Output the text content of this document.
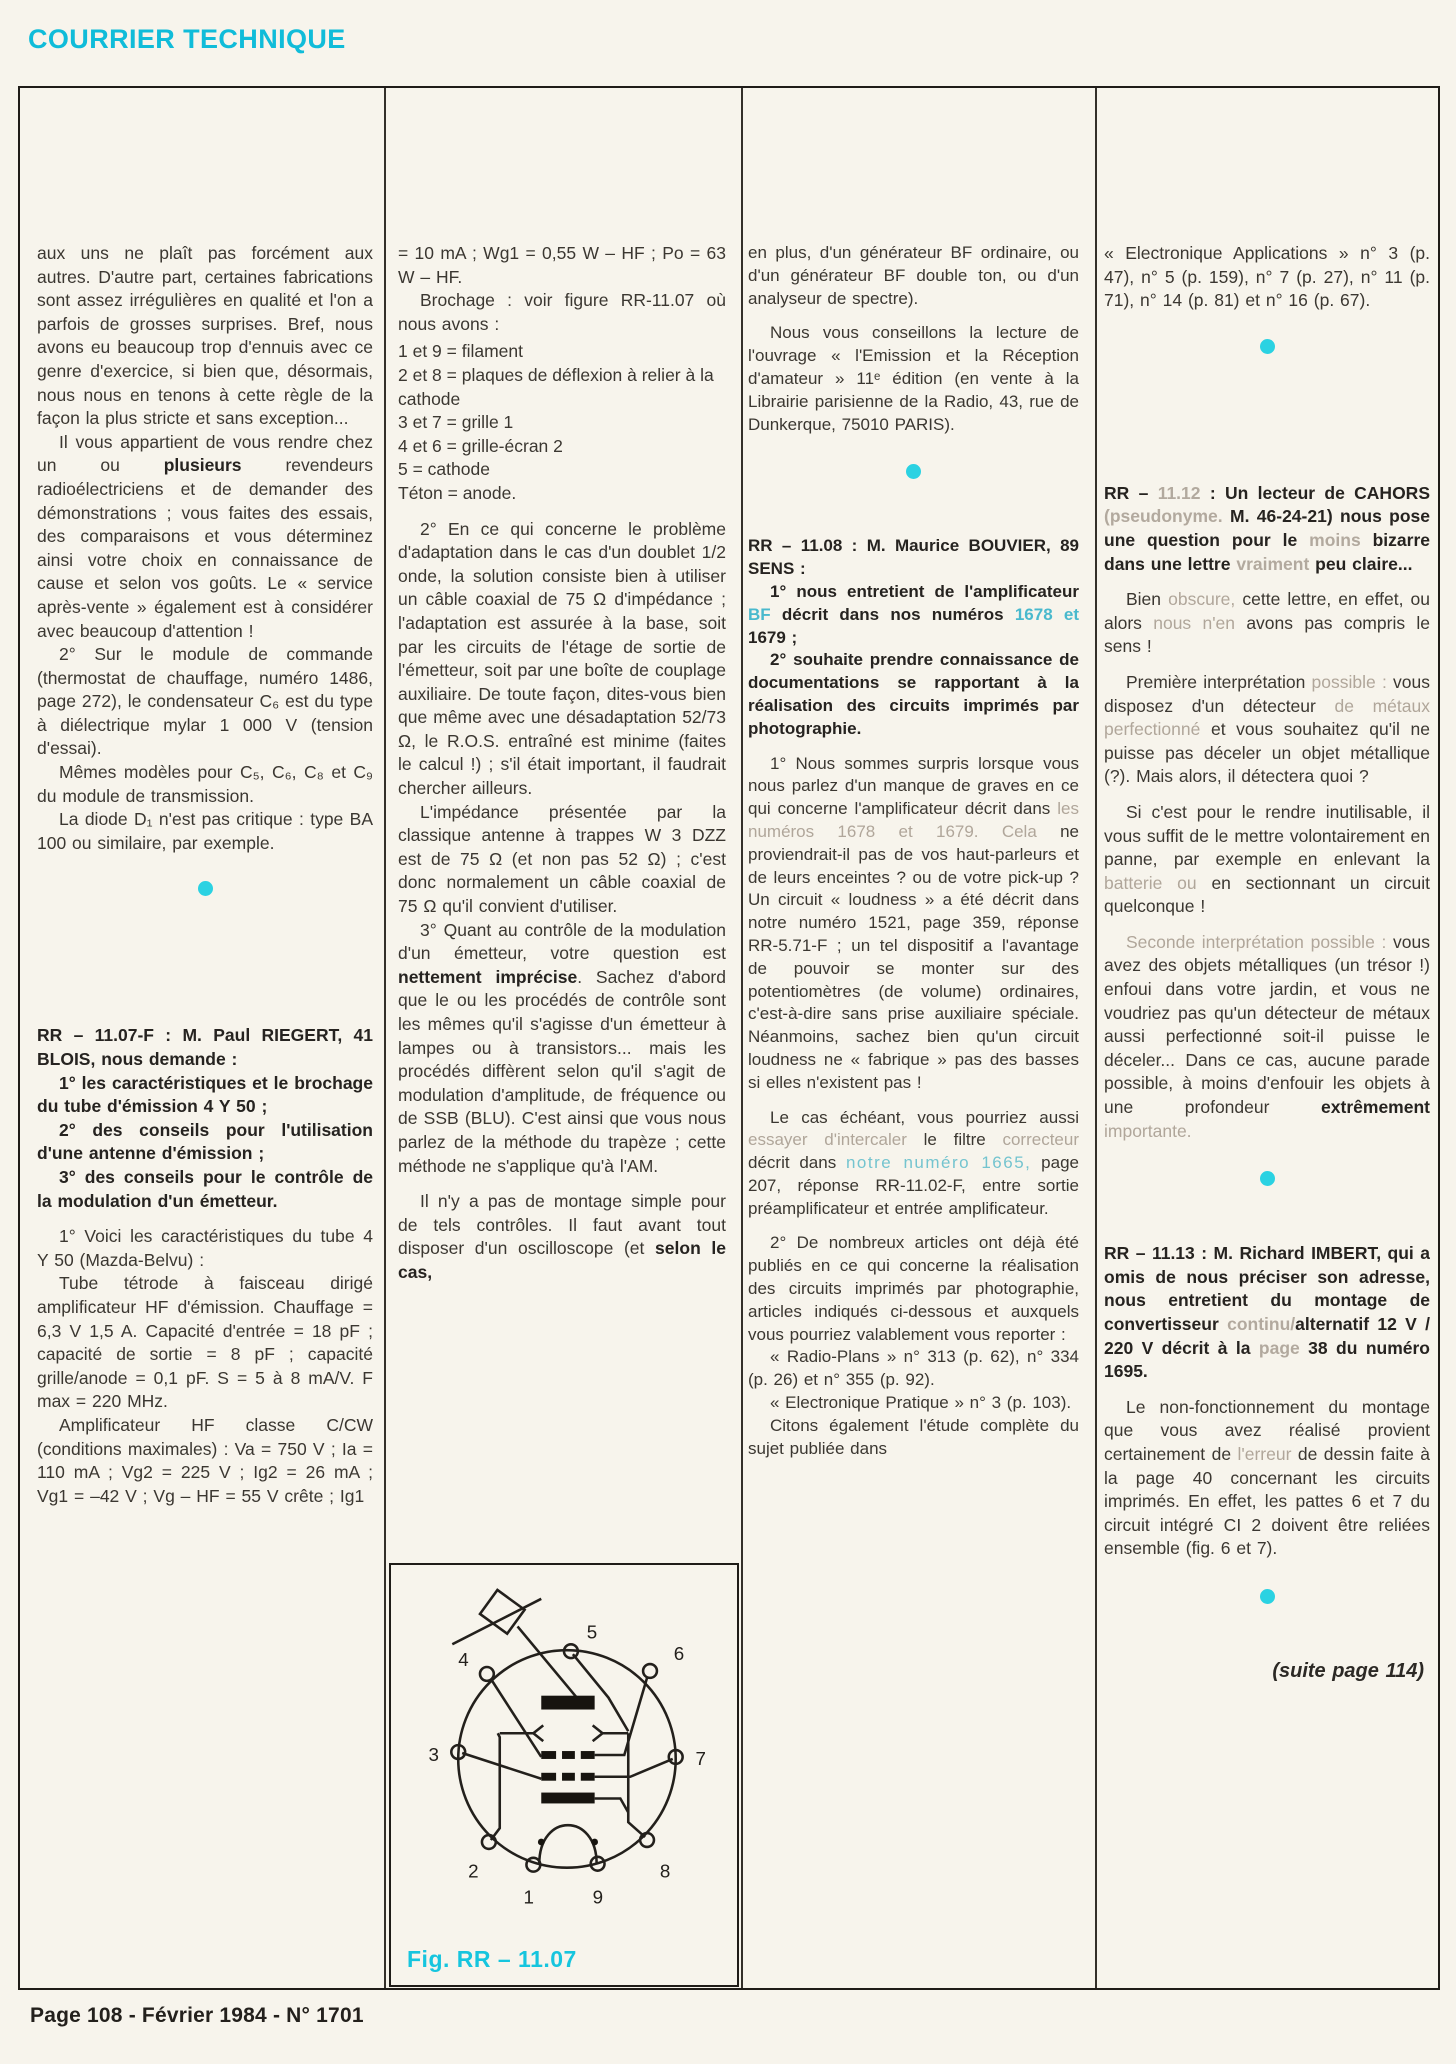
COURRIER TECHNIQUE

aux uns ne plaît pas forcément aux autres. D'autre part, certaines fabrications sont assez irrégulières en qualité et l'on a parfois de grosses surprises. Bref, nous avons eu beaucoup trop d'ennuis avec ce genre d'exercice, si bien que, désormais, nous nous en tenons à cette règle de la façon la plus stricte et sans exception...

Il vous appartient de vous rendre chez un ou plusieurs revendeurs radioélectriciens et de demander des démonstrations ; vous faites des essais, des comparaisons et vous déterminez ainsi votre choix en connaissance de cause et selon vos goûts. Le « service après-vente » également est à considérer avec beaucoup d'attention !

2° Sur le module de commande (thermostat de chauffage, numéro 1486, page 272), le condensateur C₆ est du type à diélectrique mylar 1 000 V (tension d'essai).

Mêmes modèles pour C₅, C₆, C₈ et C₉ du module de transmission.

La diode D₁ n'est pas critique : type BA 100 ou similaire, par exemple.

RR – 11.07-F : M. Paul RIEGERT, 41 BLOIS, nous demande :

1° les caractéristiques et le brochage du tube d'émission 4 Y 50 ;

2° des conseils pour l'utilisation d'une antenne d'émission ;

3° des conseils pour le contrôle de la modulation d'un émetteur.

1° Voici les caractéristiques du tube 4 Y 50 (Mazda-Belvu) :

Tube tétrode à faisceau dirigé amplificateur HF d'émission. Chauffage = 6,3 V 1,5 A. Capacité d'entrée = 18 pF ; capacité de sortie = 8 pF ; capacité grille/anode = 0,1 pF. S = 5 à 8 mA/V. F max = 220 MHz.

Amplificateur HF classe C/CW (conditions maximales) : Va = 750 V ; Ia = 110 mA ; Vg2 = 225 V ; Ig2 = 26 mA ; Vg1 = –42 V ; Vg – HF = 55 V crête ; Ig1

= 10 mA ; Wg1 = 0,55 W – HF ; Po = 63 W – HF.

Brochage : voir figure RR-11.07 où nous avons :

1 et 9 = filament
2 et 8 = plaques de déflexion à relier à la cathode
3 et 7 = grille 1
4 et 6 = grille-écran 2
5 = cathode
Téton = anode.

2° En ce qui concerne le problème d'adaptation dans le cas d'un doublet 1/2 onde, la solution consiste bien à utiliser un câble coaxial de 75 Ω d'impédance ; l'adaptation est assurée à la base, soit par les circuits de l'étage de sortie de l'émetteur, soit par une boîte de couplage auxiliaire. De toute façon, dites-vous bien que même avec une désadaptation 52/73 Ω, le R.O.S. entraîné est minime (faites le calcul !) ; s'il était important, il faudrait chercher ailleurs.

L'impédance présentée par la classique antenne à trappes W 3 DZZ est de 75 Ω (et non pas 52 Ω) ; c'est donc normalement un câble coaxial de 75 Ω qu'il convient d'utiliser.

3° Quant au contrôle de la modulation d'un émetteur, votre question est nettement imprécise. Sachez d'abord que le ou les procédés de contrôle sont les mêmes qu'il s'agisse d'un émetteur à lampes ou à transistors... mais les procédés diffèrent selon qu'il s'agit de modulation d'amplitude, de fréquence ou de SSB (BLU). C'est ainsi que vous nous parlez de la méthode du trapèze ; cette méthode ne s'applique qu'à l'AM.

Il n'y a pas de montage simple pour de tels contrôles. Il faut avant tout disposer d'un oscilloscope (et selon le cas,

en plus, d'un générateur BF ordinaire, ou d'un générateur BF double ton, ou d'un analyseur de spectre).

Nous vous conseillons la lecture de l'ouvrage « l'Emission et la Réception d'amateur » 11ᵉ édition (en vente à la Librairie parisienne de la Radio, 43, rue de Dunkerque, 75010 PARIS).

RR – 11.08 : M. Maurice BOUVIER, 89 SENS :

1° nous entretient de l'amplificateur BF décrit dans nos numéros 1678 et 1679 ;

2° souhaite prendre connaissance de documentations se rapportant à la réalisation des circuits imprimés par photographie.

1° Nous sommes surpris lorsque vous nous parlez d'un manque de graves en ce qui concerne l'amplificateur décrit dans les numéros 1678 et 1679. Cela ne proviendrait-il pas de vos haut-parleurs et de leurs enceintes ? ou de votre pick-up ? Un circuit « loudness » a été décrit dans notre numéro 1521, page 359, réponse RR-5.71-F ; un tel dispositif a l'avantage de pouvoir se monter sur des potentiomètres (de volume) ordinaires, c'est-à-dire sans prise auxiliaire spéciale. Néanmoins, sachez bien qu'un circuit loudness ne « fabrique » pas des basses si elles n'existent pas !

Le cas échéant, vous pourriez aussi essayer d'intercaler le filtre correcteur décrit dans notre numéro 1665, page 207, réponse RR-11.02-F, entre sortie préamplificateur et entrée amplificateur.

2° De nombreux articles ont déjà été publiés en ce qui concerne la réalisation des circuits imprimés par photographie, articles indiqués ci-dessous et auxquels vous pourriez valablement vous reporter :

« Radio-Plans » n° 313 (p. 62), n° 334 (p. 26) et n° 355 (p. 92).

« Electronique Pratique » n° 3 (p. 103).

Citons également l'étude complète du sujet publiée dans

« Electronique Applications » n° 3 (p. 47), n° 5 (p. 159), n° 7 (p. 27), n° 11 (p. 71), n° 14 (p. 81) et n° 16 (p. 67).

RR – 11.12 : Un lecteur de CAHORS (pseudonyme. M. 46-24-21) nous pose une question pour le moins bizarre dans une lettre vraiment peu claire...

Bien obscure, cette lettre, en effet, ou alors nous n'en avons pas compris le sens !

Première interprétation possible : vous disposez d'un détecteur de métaux perfectionné et vous souhaitez qu'il ne puisse pas déceler un objet métallique (?). Mais alors, il détectera quoi ?

Si c'est pour le rendre inutilisable, il vous suffit de le mettre volontairement en panne, par exemple en enlevant la batterie ou en sectionnant un circuit quelconque !

Seconde interprétation possible : vous avez des objets métalliques (un trésor !) enfoui dans votre jardin, et vous ne voudriez pas qu'un détecteur de métaux aussi perfectionné soit-il puisse le déceler... Dans ce cas, aucune parade possible, à moins d'enfouir les objets à une profondeur extrêmement importante.

RR – 11.13 : M. Richard IMBERT, qui a omis de nous préciser son adresse, nous entretient du montage de convertisseur continu/alternatif 12 V / 220 V décrit à la page 38 du numéro 1695.

Le non-fonctionnement du montage que vous avez réalisé provient certainement de l'erreur de dessin faite à la page 40 concernant les circuits imprimés. En effet, les pattes 6 et 7 du circuit intégré CI 2 doivent être reliées ensemble (fig. 6 et 7).

(suite page 114)

5
4
3
2
1	9
8
7
6
Fig. RR – 11.07
Page 108 - Février 1984 - N° 1701
